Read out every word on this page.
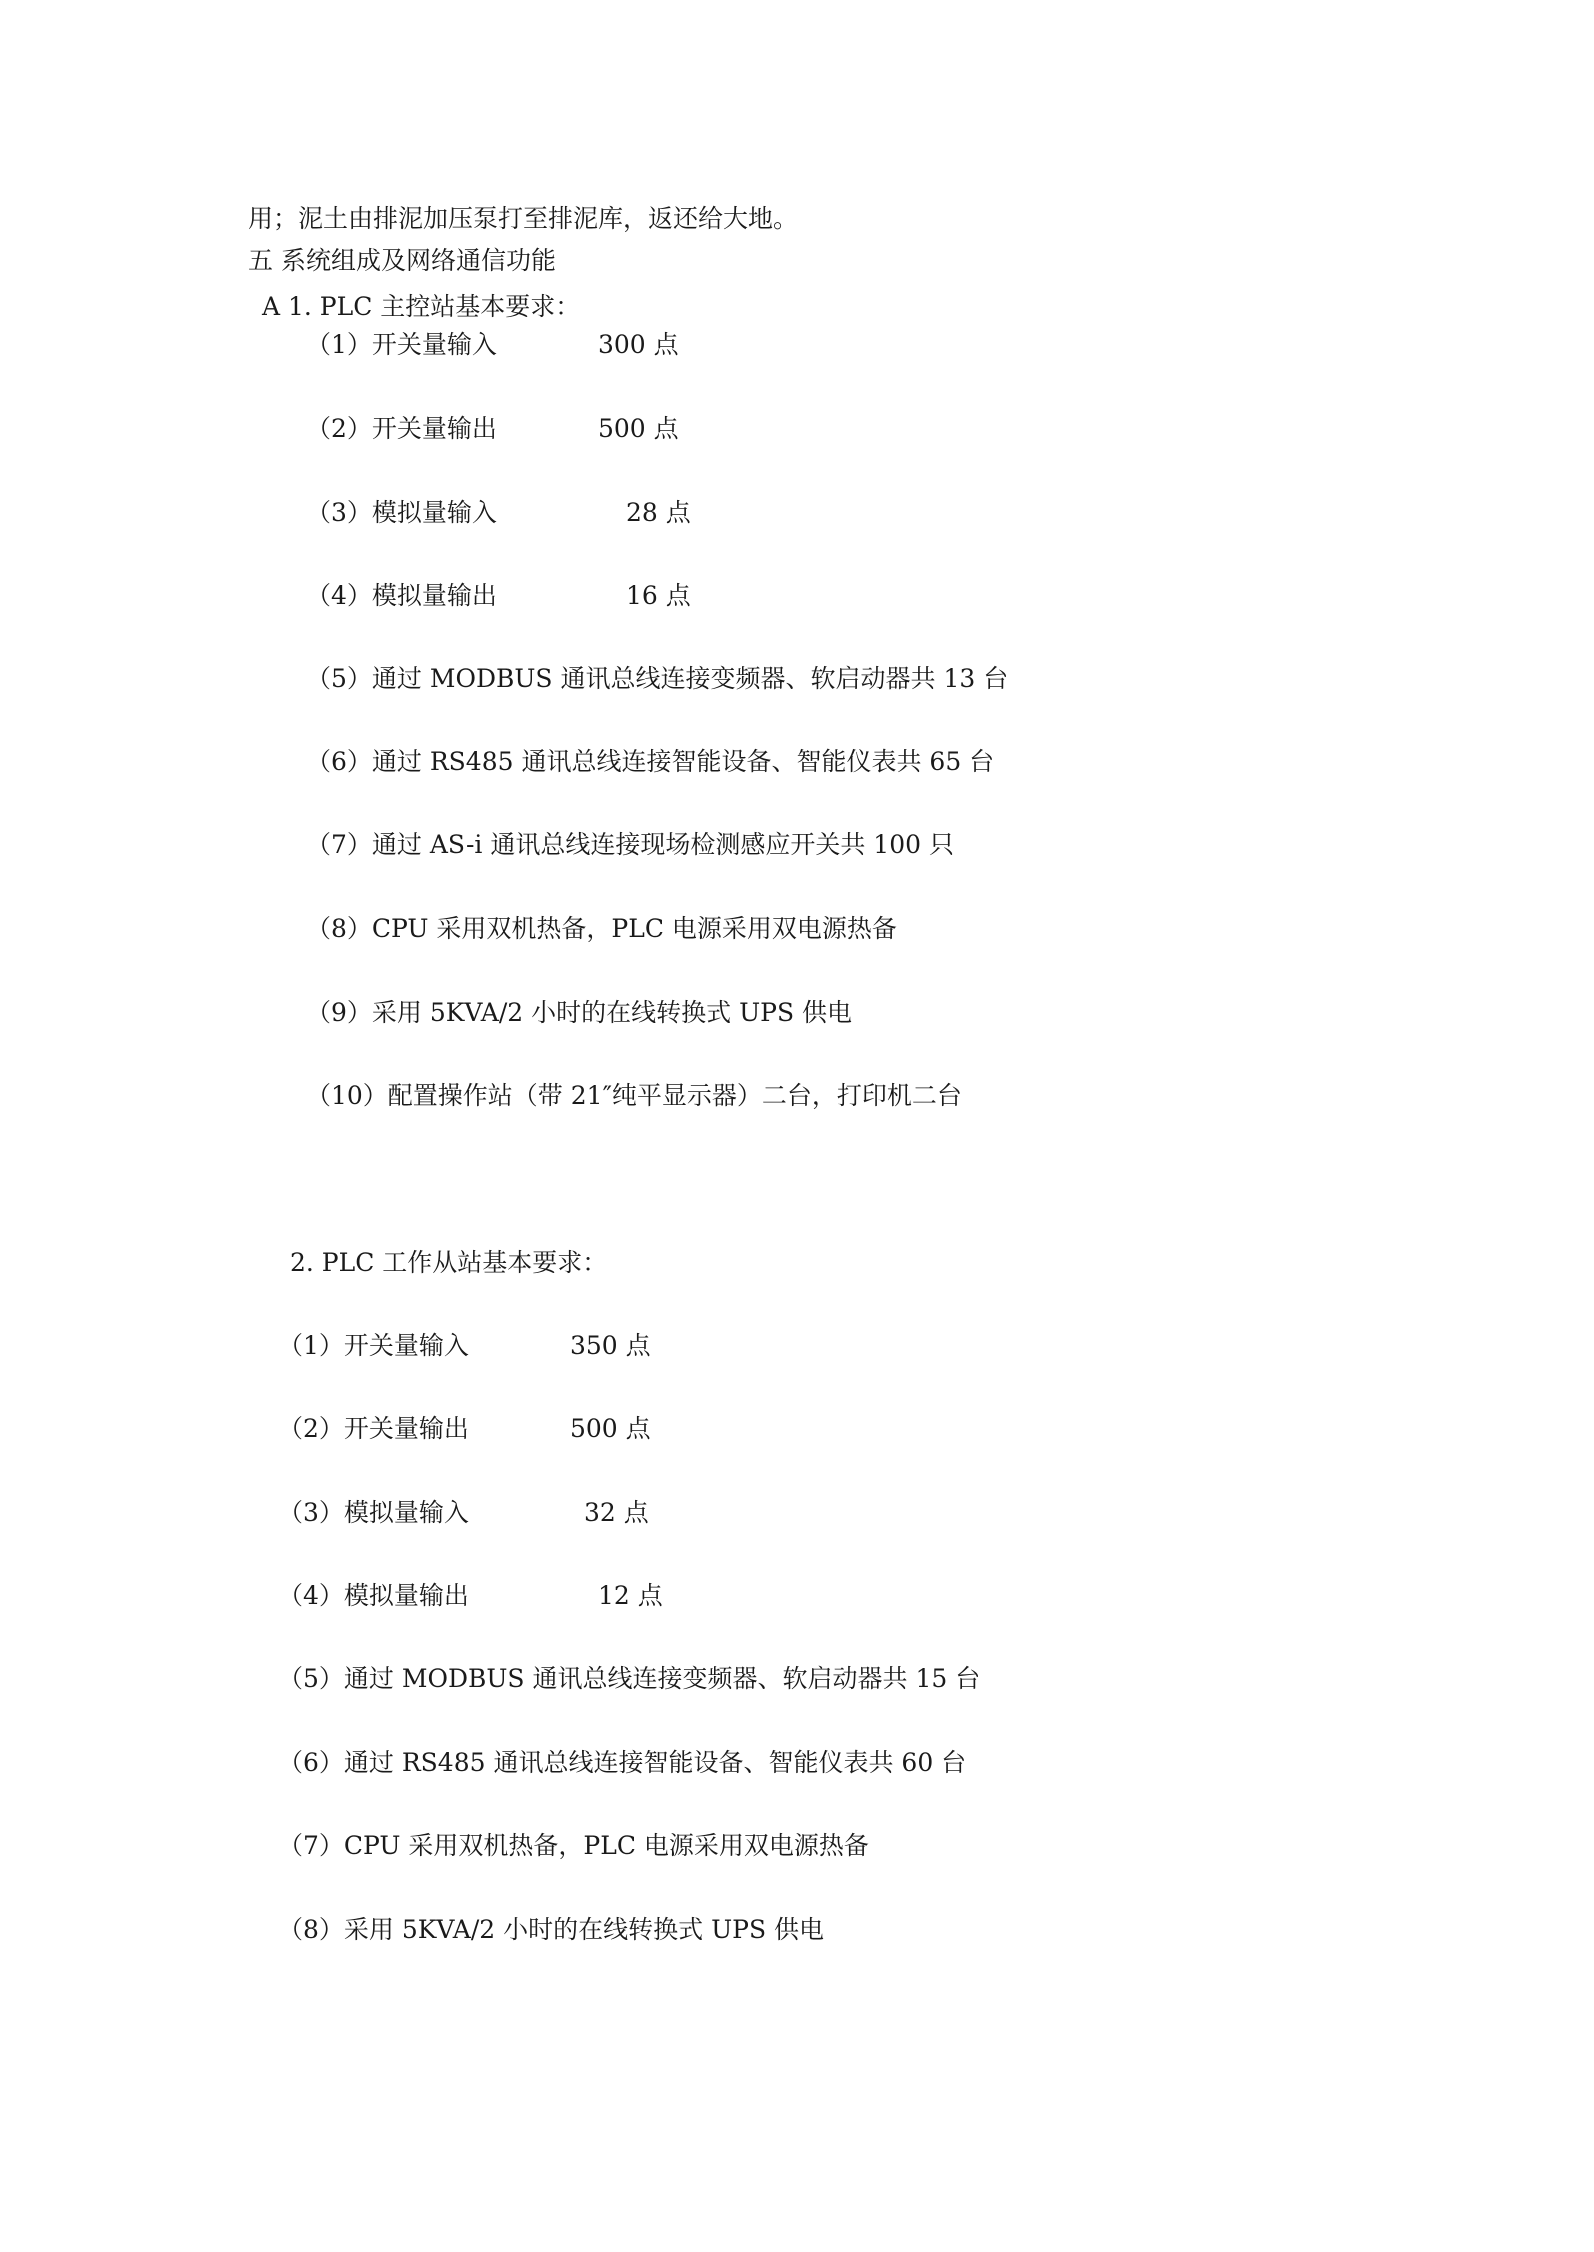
用；泥土由排泥加压泵打至排泥库，返还给大地。
五 系统组成及网络通信功能
A 1. PLC 主控站基本要求：
（1）开关量输入	300 点
（2）开关量输出	500 点
（3）模拟量输入	28 点
（4）模拟量输出	16 点
（5）通过 MODBUS 通讯总线连接变频器、软启动器共 13 台
（6）通过 RS485 通讯总线连接智能设备、智能仪表共 65 台
（7）通过 AS-i 通讯总线连接现场检测感应开关共 100 只
（8）CPU 采用双机热备，PLC 电源采用双电源热备
（9）采用 5KVA/2 小时的在线转换式 UPS 供电
（10）配置操作站（带 21″纯平显示器）二台，打印机二台
2. PLC 工作从站基本要求：
（1）开关量输入	350 点
（2）开关量输出	500 点
（3）模拟量输入	32 点
（4）模拟量输出	12 点
（5）通过 MODBUS 通讯总线连接变频器、软启动器共 15 台
（6）通过 RS485 通讯总线连接智能设备、智能仪表共 60 台
（7）CPU 采用双机热备，PLC 电源采用双电源热备
（8）采用 5KVA/2 小时的在线转换式 UPS 供电
